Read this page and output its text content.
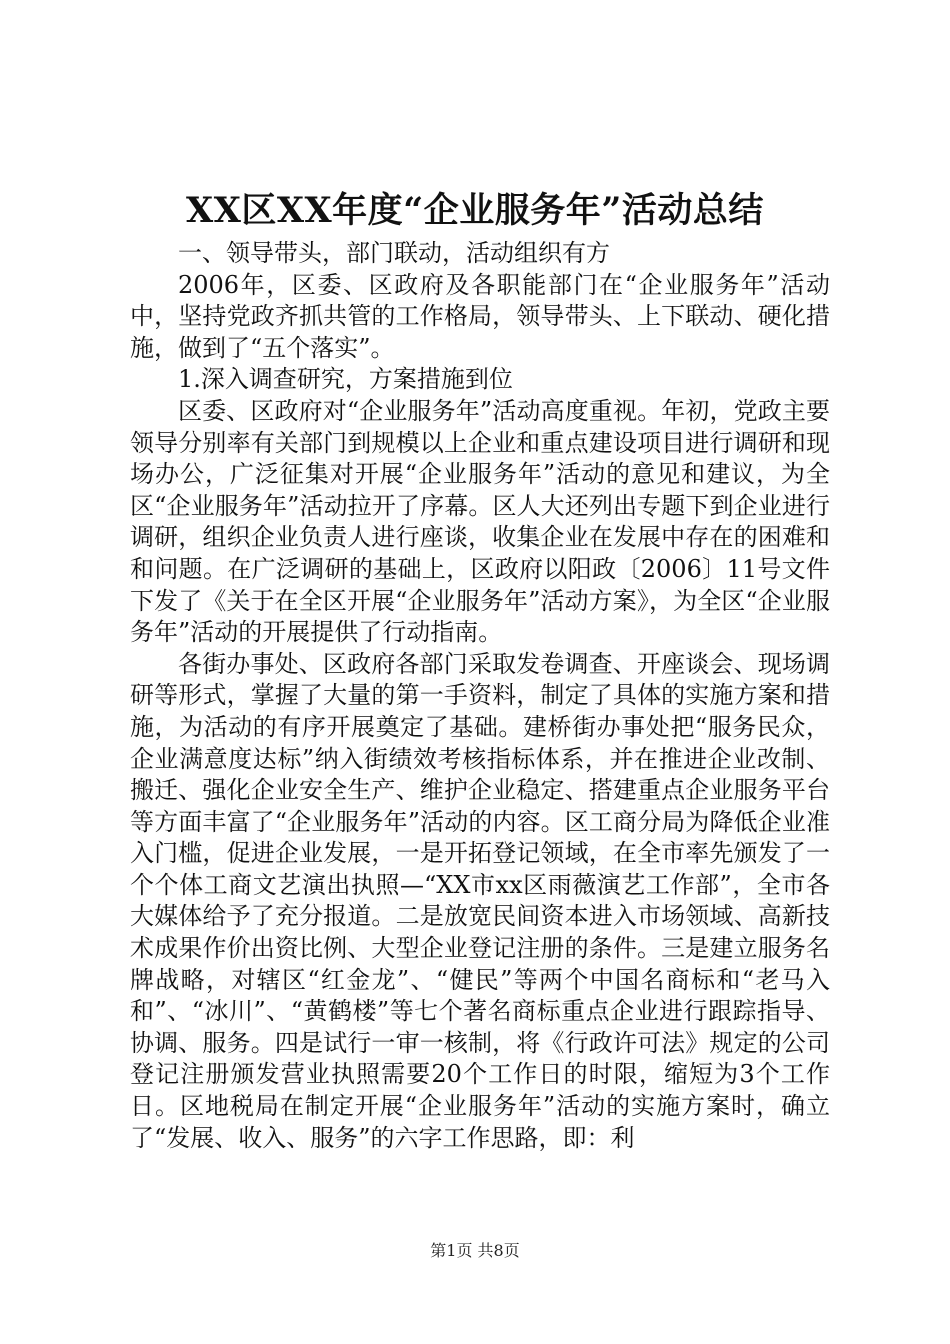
XX区XX年度“企业服务年”活动总结

一、领导带头，部门联动，活动组织有方

2006年，区委、区政府及各职能部门在“企业服务年”活动中，坚持党政齐抓共管的工作格局，领导带头、上下联动、硬化措施，做到了“五个落实”。

1.深入调查研究，方案措施到位

区委、区政府对“企业服务年”活动高度重视。年初，党政主要领导分别率有关部门到规模以上企业和重点建设项目进行调研和现场办公，广泛征集对开展“企业服务年”活动的意见和建议，为全区“企业服务年”活动拉开了序幕。区人大还列出专题下到企业进行调研，组织企业负责人进行座谈，收集企业在发展中存在的困难和和问题。在广泛调研的基础上，区政府以阳政〔2006〕11号文件下发了《关于在全区开展“企业服务年”活动方案》，为全区“企业服务年”活动的开展提供了行动指南。

各街办事处、区政府各部门采取发卷调查、开座谈会、现场调研等形式，掌握了大量的第一手资料，制定了具体的实施方案和措施，为活动的有序开展奠定了基础。建桥街办事处把“服务民众，企业满意度达标”纳入街绩效考核指标体系，并在推进企业改制、搬迁、强化企业安全生产、维护企业稳定、搭建重点企业服务平台等方面丰富了“企业服务年”活动的内容。区工商分局为降低企业准入门槛，促进企业发展，一是开拓登记领域，在全市率先颁发了一个个体工商文艺演出执照—“XX市xx区雨薇演艺工作部”，全市各大媒体给予了充分报道。二是放宽民间资本进入市场领域、高新技术成果作价出资比例、大型企业登记注册的条件。三是建立服务名牌战略，对辖区“红金龙”、“健民”等两个中国名商标和“老马入和”、“冰川”、“黄鹤楼”等七个著名商标重点企业进行跟踪指导、协调、服务。四是试行一审一核制，将《行政许可法》规定的公司登记注册颁发营业执照需要20个工作日的时限，缩短为3个工作日。区地税局在制定开展“企业服务年”活动的实施方案时，确立了“发展、收入、服务”的六字工作思路，即：利

第1页 共8页
